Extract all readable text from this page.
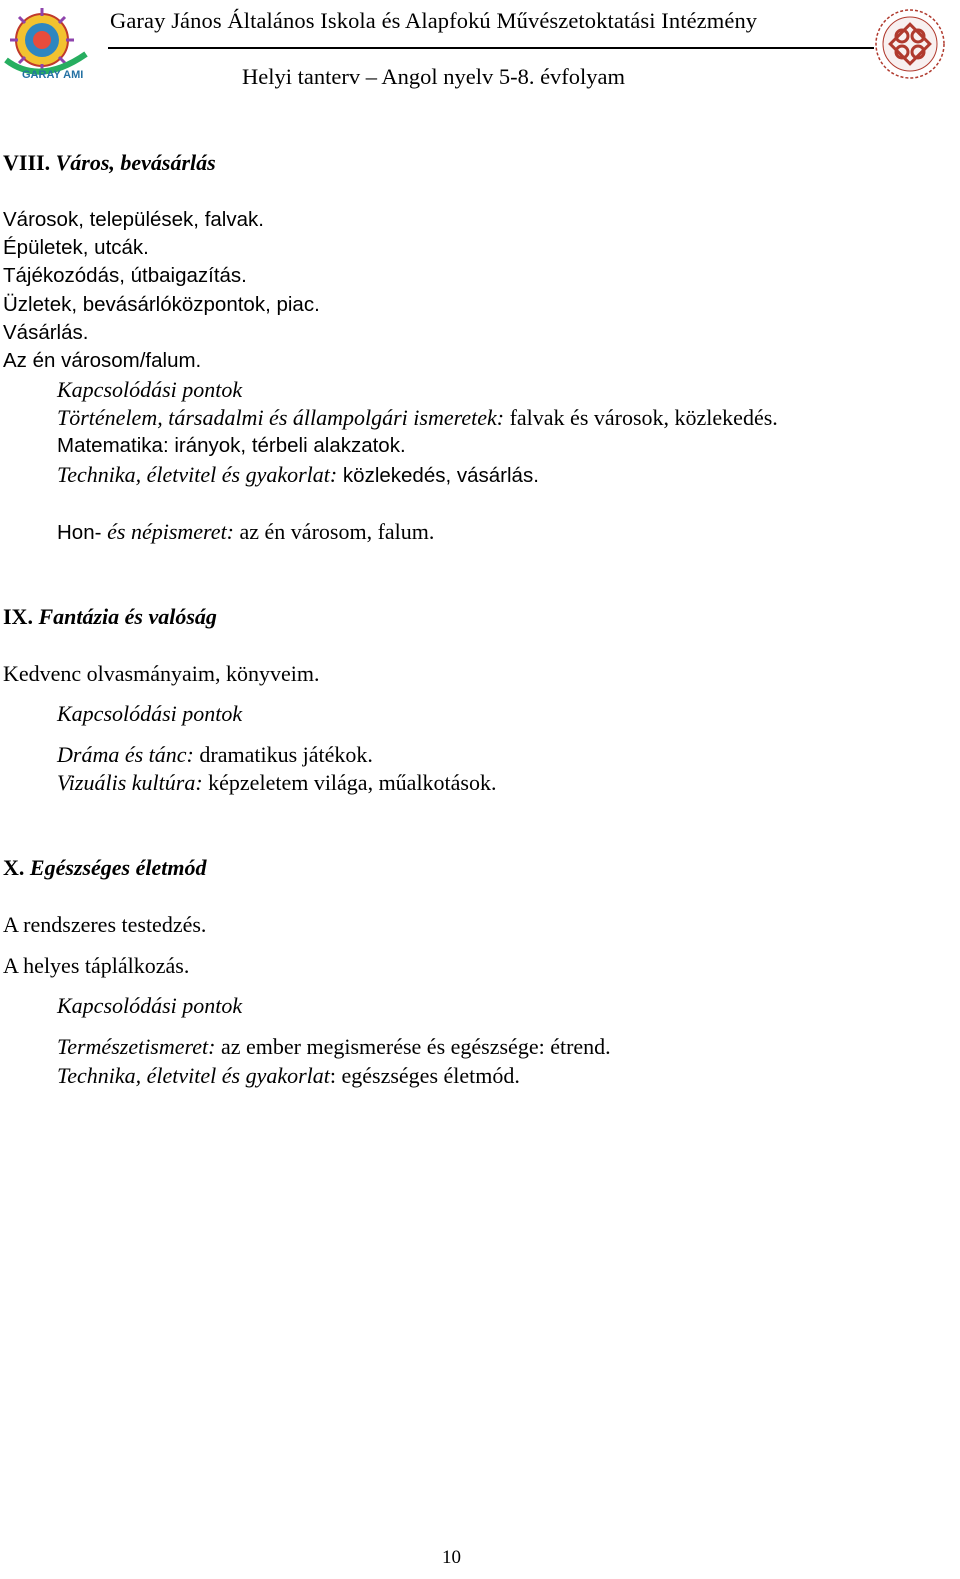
GARAY AMI
Garay János Általános Iskola és Alapfokú Művészetoktatási Intézmény
Helyi tanterv – Angol nyelv 5-8. évfolyam
VIII. Város, bevásárlás
Városok, települések, falvak.
Épületek, utcák.
Tájékozódás, útbaigazítás.
Üzletek, bevásárlóközpontok, piac.
Vásárlás.
Az én városom/falum.
Kapcsolódási pontok
Történelem, társadalmi és állampolgári ismeretek: falvak és városok, közlekedés.
Matematika: irányok, térbeli alakzatok.
Technika, életvitel és gyakorlat: közlekedés, vásárlás.
Hon- és népismeret: az én városom, falum.
IX. Fantázia és valóság
Kedvenc olvasmányaim, könyveim.
Kapcsolódási pontok
Dráma és tánc: dramatikus játékok.
Vizuális kultúra: képzeletem világa, műalkotások.
X. Egészséges életmód
A rendszeres testedzés.
A helyes táplálkozás.
Kapcsolódási pontok
Természetismeret: az ember megismerése és egészsége: étrend.
Technika, életvitel és gyakorlat: egészséges életmód.
10
